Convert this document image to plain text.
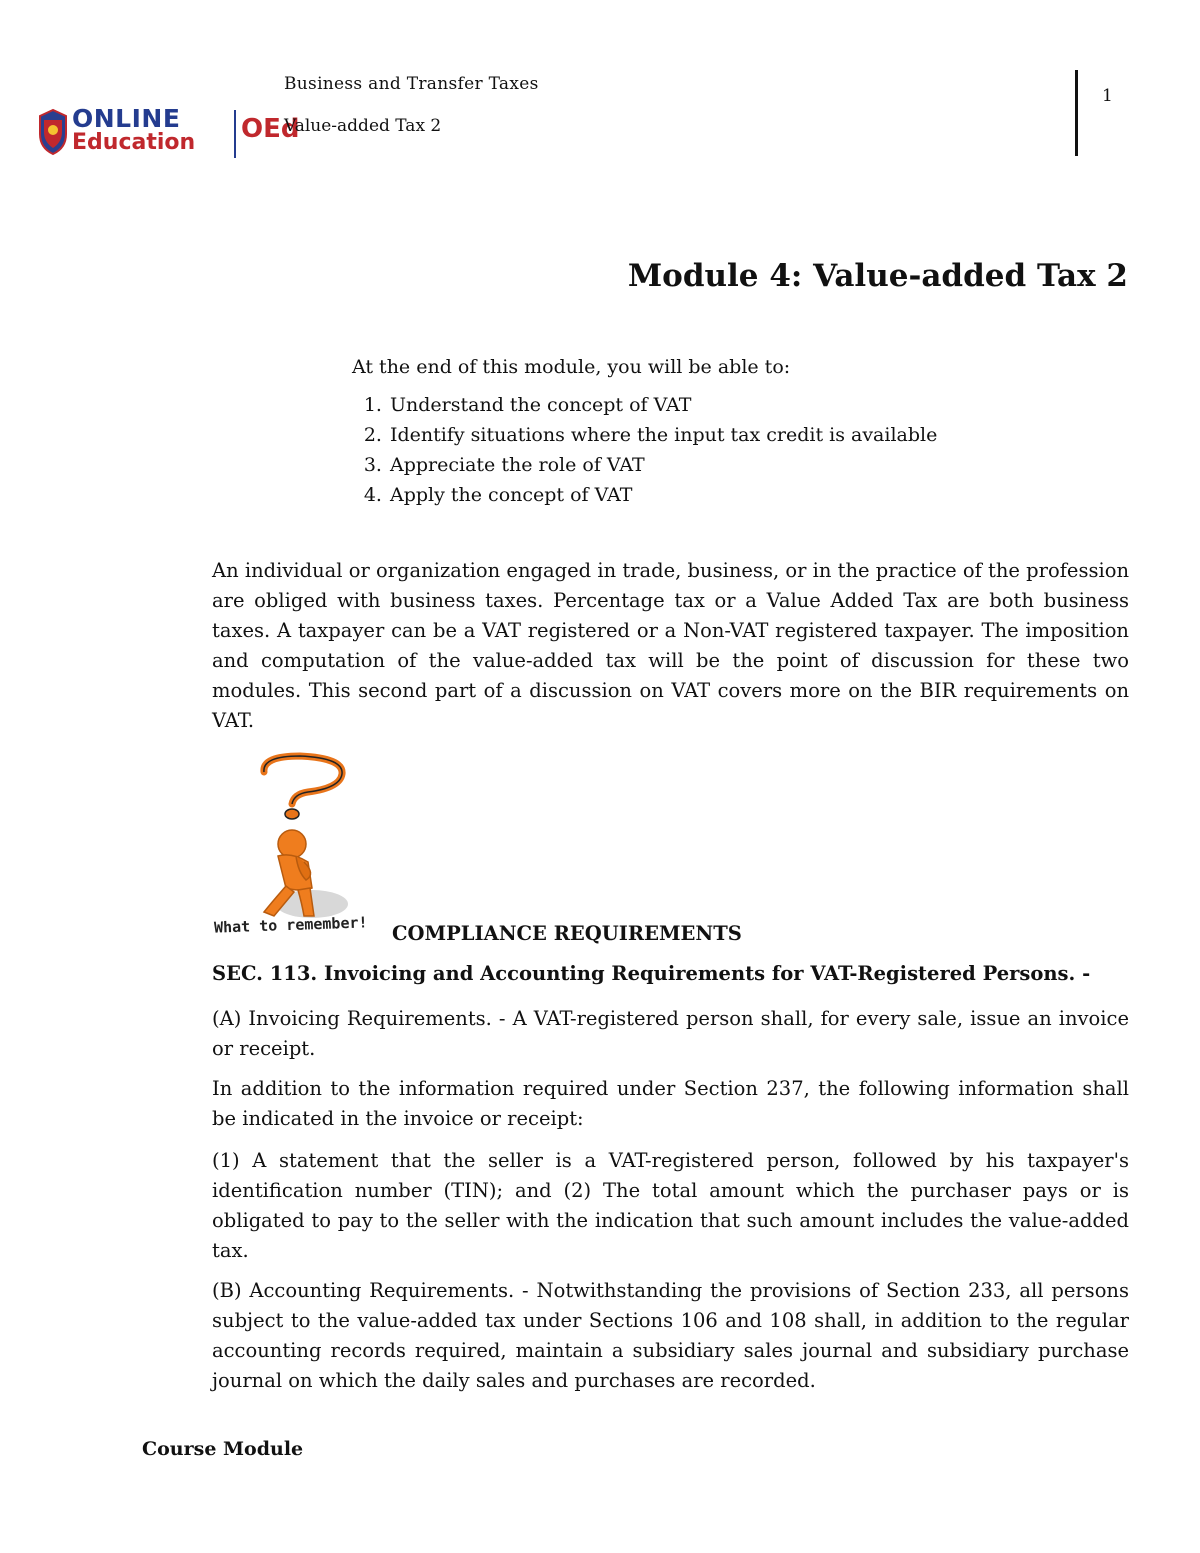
ONLINE
Education OEd
Business and Transfer Taxes
Value-added Tax 2
1
Module 4: Value-added Tax 2

At the end of this module, you will be able to:

1. Understand the concept of VAT
2. Identify situations where the input tax credit is available
3. Appreciate the role of VAT
4. Apply the concept of VAT

An individual or organization engaged in trade, business, or in the practice of the profession are obliged with business taxes. Percentage tax or a Value Added Tax are both business taxes. A taxpayer can be a VAT registered or a Non-VAT registered taxpayer. The imposition and computation of the value-added tax will be the point of discussion for these two modules. This second part of a discussion on VAT covers more on the BIR requirements on VAT.

What to remember! COMPLIANCE REQUIREMENTS
SEC. 113. Invoicing and Accounting Requirements for VAT-Registered Persons. -

(A) Invoicing Requirements. - A VAT-registered person shall, for every sale, issue an invoice or receipt.

In addition to the information required under Section 237, the following information shall be indicated in the invoice or receipt:

(1) A statement that the seller is a VAT-registered person, followed by his taxpayer's identification number (TIN); and (2) The total amount which the purchaser pays or is obligated to pay to the seller with the indication that such amount includes the value-added tax.

(B) Accounting Requirements. - Notwithstanding the provisions of Section 233, all persons subject to the value-added tax under Sections 106 and 108 shall, in addition to the regular accounting records required, maintain a subsidiary sales journal and subsidiary purchase journal on which the daily sales and purchases are recorded.

Course Module
